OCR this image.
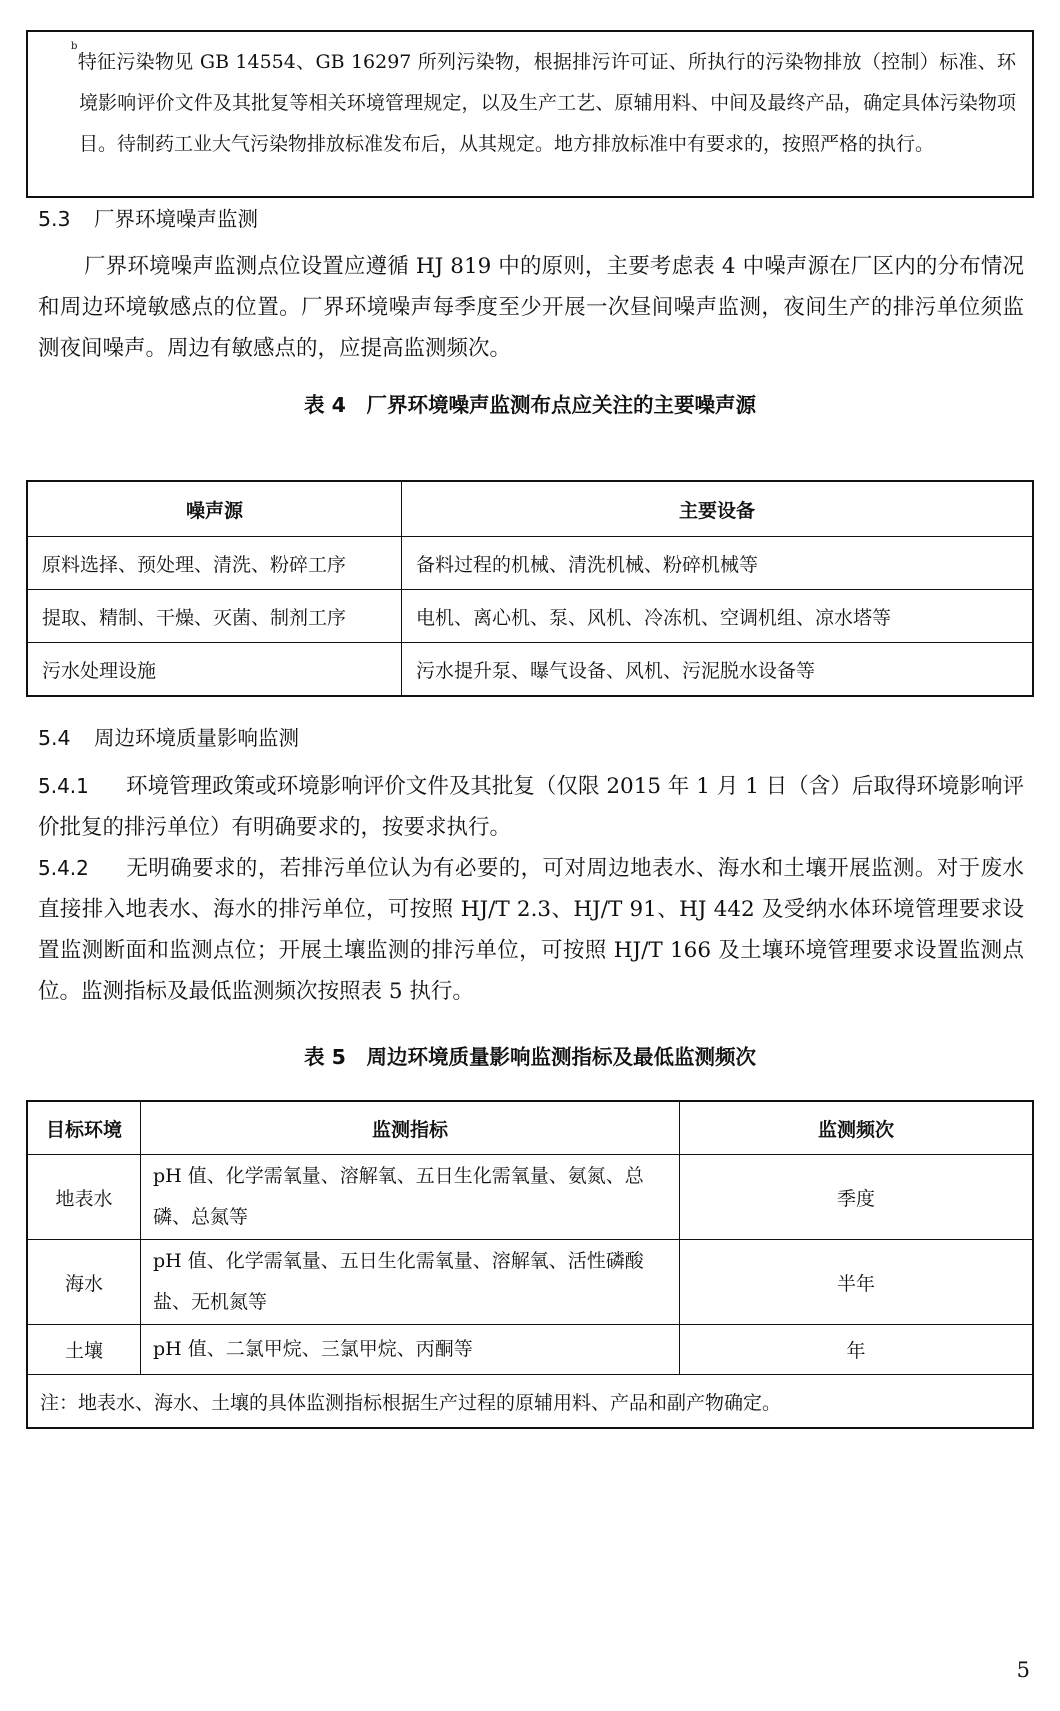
$^b$特征污染物见 GB 14554、GB 16297 所列污染物，根据排污许可证、所执行的污染物排放（控制）标准、环境影响评价文件及其批复等相关环境管理规定，以及生产工艺、原辅用料、中间及最终产品，确定具体污染物项目。待制药工业大气污染物排放标准发布后，从其规定。地方排放标准中有要求的，按照严格的执行。
5.3 厂界环境噪声监测
厂界环境噪声监测点位设置应遵循 HJ 819 中的原则，主要考虑表 4 中噪声源在厂区内的分布情况和周边环境敏感点的位置。厂界环境噪声每季度至少开展一次昼间噪声监测，夜间生产的排污单位须监测夜间噪声。周边有敏感点的，应提高监测频次。
表 4　厂界环境噪声监测布点应关注的主要噪声源
噪声源	主要设备
原料选择、预处理、清洗、粉碎工序	备料过程的机械、清洗机械、粉碎机械等
提取、精制、干燥、灭菌、制剂工序	电机、离心机、泵、风机、冷冻机、空调机组、凉水塔等
污水处理设施	污水提升泵、曝气设备、风机、污泥脱水设备等
5.4 周边环境质量影响监测
5.4.1 环境管理政策或环境影响评价文件及其批复（仅限 2015 年 1 月 1 日（含）后取得环境影响评价批复的排污单位）有明确要求的，按要求执行。
5.4.2 无明确要求的，若排污单位认为有必要的，可对周边地表水、海水和土壤开展监测。对于废水直接排入地表水、海水的排污单位，可按照 HJ/T 2.3、HJ/T 91、HJ 442 及受纳水体环境管理要求设置监测断面和监测点位；开展土壤监测的排污单位，可按照 HJ/T 166 及土壤环境管理要求设置监测点位。监测指标及最低监测频次按照表 5 执行。
表 5　周边环境质量影响监测指标及最低监测频次
目标环境	监测指标	监测频次
地表水	pH 值、化学需氧量、溶解氧、五日生化需氧量、氨氮、总磷、总氮等	季度
海水	pH 值、化学需氧量、五日生化需氧量、溶解氧、活性磷酸盐、无机氮等	半年
土壤	pH 值、二氯甲烷、三氯甲烷、丙酮等	年
注：地表水、海水、土壤的具体监测指标根据生产过程的原辅用料、产品和副产物确定。		
5
